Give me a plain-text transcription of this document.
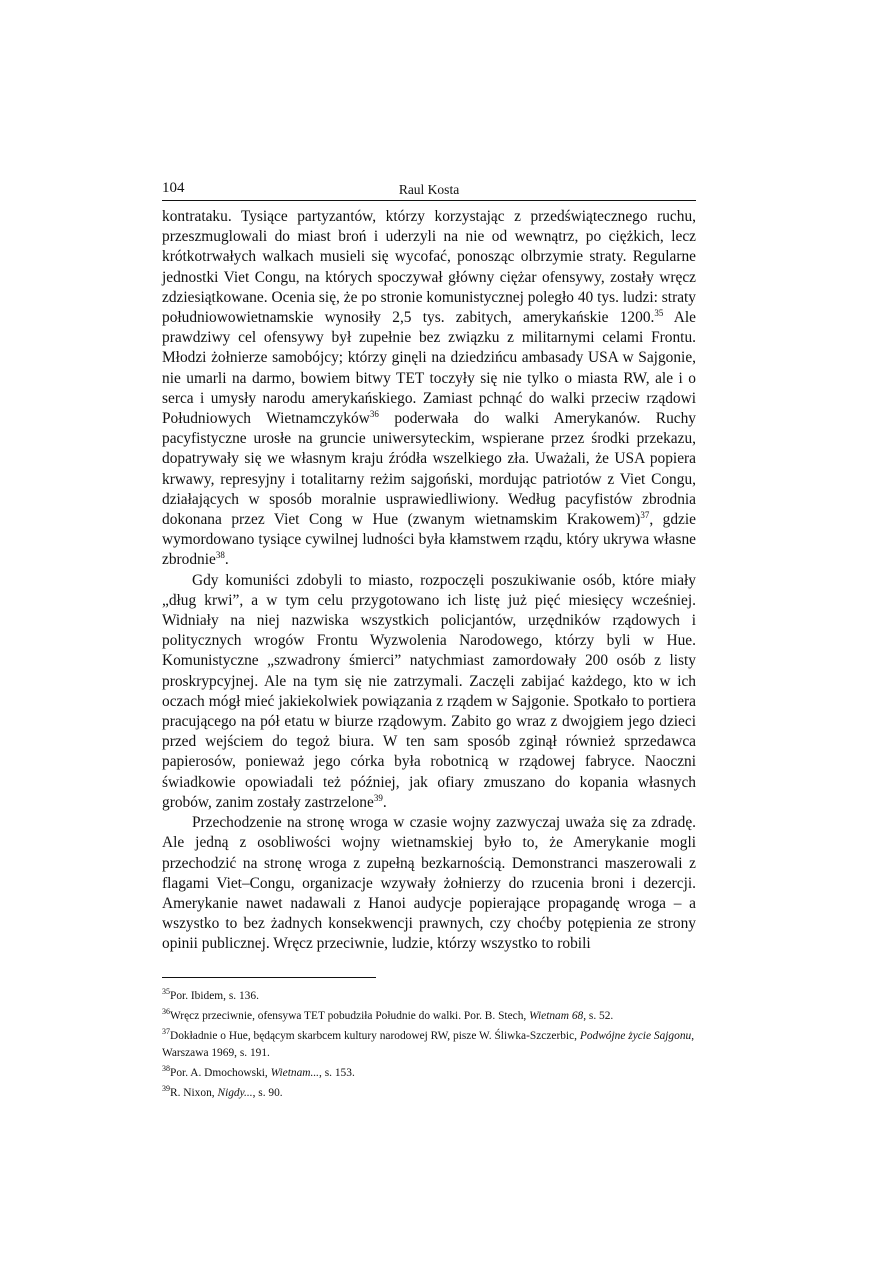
104	Raul Kosta

kontrataku. Tysiące partyzantów, którzy korzystając z przedświątecznego ruchu, przeszmuglowali do miast broń i uderzyli na nie od wewnątrz, po ciężkich, lecz krótkotrwałych walkach musieli się wycofać, ponosząc olbrzymie straty. Regularne jednostki Viet Congu, na których spoczywał główny ciężar ofensywy, zostały wręcz zdziesiątkowane. Ocenia się, że po stronie komunistycznej poległo 40 tys. ludzi: straty południowowietnamskie wynosiły 2,5 tys. zabitych, amerykańskie 1200.35 Ale prawdziwy cel ofensywy był zupełnie bez związku z militarnymi celami Frontu. Młodzi żołnierze samobójcy; którzy ginęli na dziedzińcu ambasady USA w Sajgonie, nie umarli na darmo, bowiem bitwy TET toczyły się nie tylko o miasta RW, ale i o serca i umysły narodu amerykańskiego. Zamiast pchnąć do walki przeciw rządowi Południowych Wietnamczyków$^{36}$ poderwała do walki Amerykanów. Ruchy pacyfistyczne urosłe na gruncie uniwersyteckim, wspierane przez środki przekazu, dopatrywały się we własnym kraju źródła wszelkiego zła. Uważali, że USA popiera krwawy, represyjny i totalitarny reżim sajgoński, mordując patriotów z Viet Congu, działających w sposób moralnie usprawiedliwiony. Według pacyfistów zbrodnia dokonana przez Viet Cong w Hue (zwanym wietnamskim Krakowem)$^{37}$, gdzie wymordowano tysiące cywilnej ludności była kłamstwem rządu, który ukrywa własne zbrodnie$^{38}$.

Gdy komuniści zdobyli to miasto, rozpoczęli poszukiwanie osób, które miały „dług krwi”, a w tym celu przygotowano ich listę już pięć miesięcy wcześniej. Widniały na niej nazwiska wszystkich policjantów, urzędników rządowych i politycznych wrogów Frontu Wyzwolenia Narodowego, którzy byli w Hue. Komunistyczne „szwadrony śmierci” natychmiast zamordowały 200 osób z listy proskrypcyjnej. Ale na tym się nie zatrzymali. Zaczęli zabijać każdego, kto w ich oczach mógł mieć jakiekolwiek powiązania z rządem w Sajgonie. Spotkało to portiera pracującego na pół etatu w biurze rządowym. Zabito go wraz z dwojgiem jego dzieci przed wejściem do tegoż biura. W ten sam sposób zginął również sprzedawca papierosów, ponieważ jego córka była robotnicą w rządowej fabryce. Naoczni świadkowie opowiadali też później, jak ofiary zmuszano do kopania własnych grobów, zanim zostały zastrzelone$^{39}$.

Przechodzenie na stronę wroga w czasie wojny zazwyczaj uważa się za zdradę. Ale jedną z osobliwości wojny wietnamskiej było to, że Amerykanie mogli przechodzić na stronę wroga z zupełną bezkarnością. Demonstranci maszerowali z flagami Viet–Congu, organizacje wzywały żołnierzy do rzucenia broni i dezercji. Amerykanie nawet nadawali z Hanoi audycje popierające propagandę wroga – a wszystko to bez żadnych konsekwencji prawnych, czy choćby potępienia ze strony opinii publicznej. Wręcz przeciwnie, ludzie, którzy wszystko to robili

$^{35}$Por. Ibidem, s. 136.
$^{36}$Wręcz przeciwnie, ofensywa TET pobudziła Południe do walki. Por. B. Stech, Wietnam 68, s. 52.
$^{37}$Dokładnie o Hue, będącym skarbcem kultury narodowej RW, pisze W. Śliwka-Szczerbic, Podwójne życie Sajgonu, Warszawa 1969, s. 191.
$^{38}$Por. A. Dmochowski, Wietnam..., s. 153.
$^{39}$R. Nixon, Nigdy..., s. 90.
